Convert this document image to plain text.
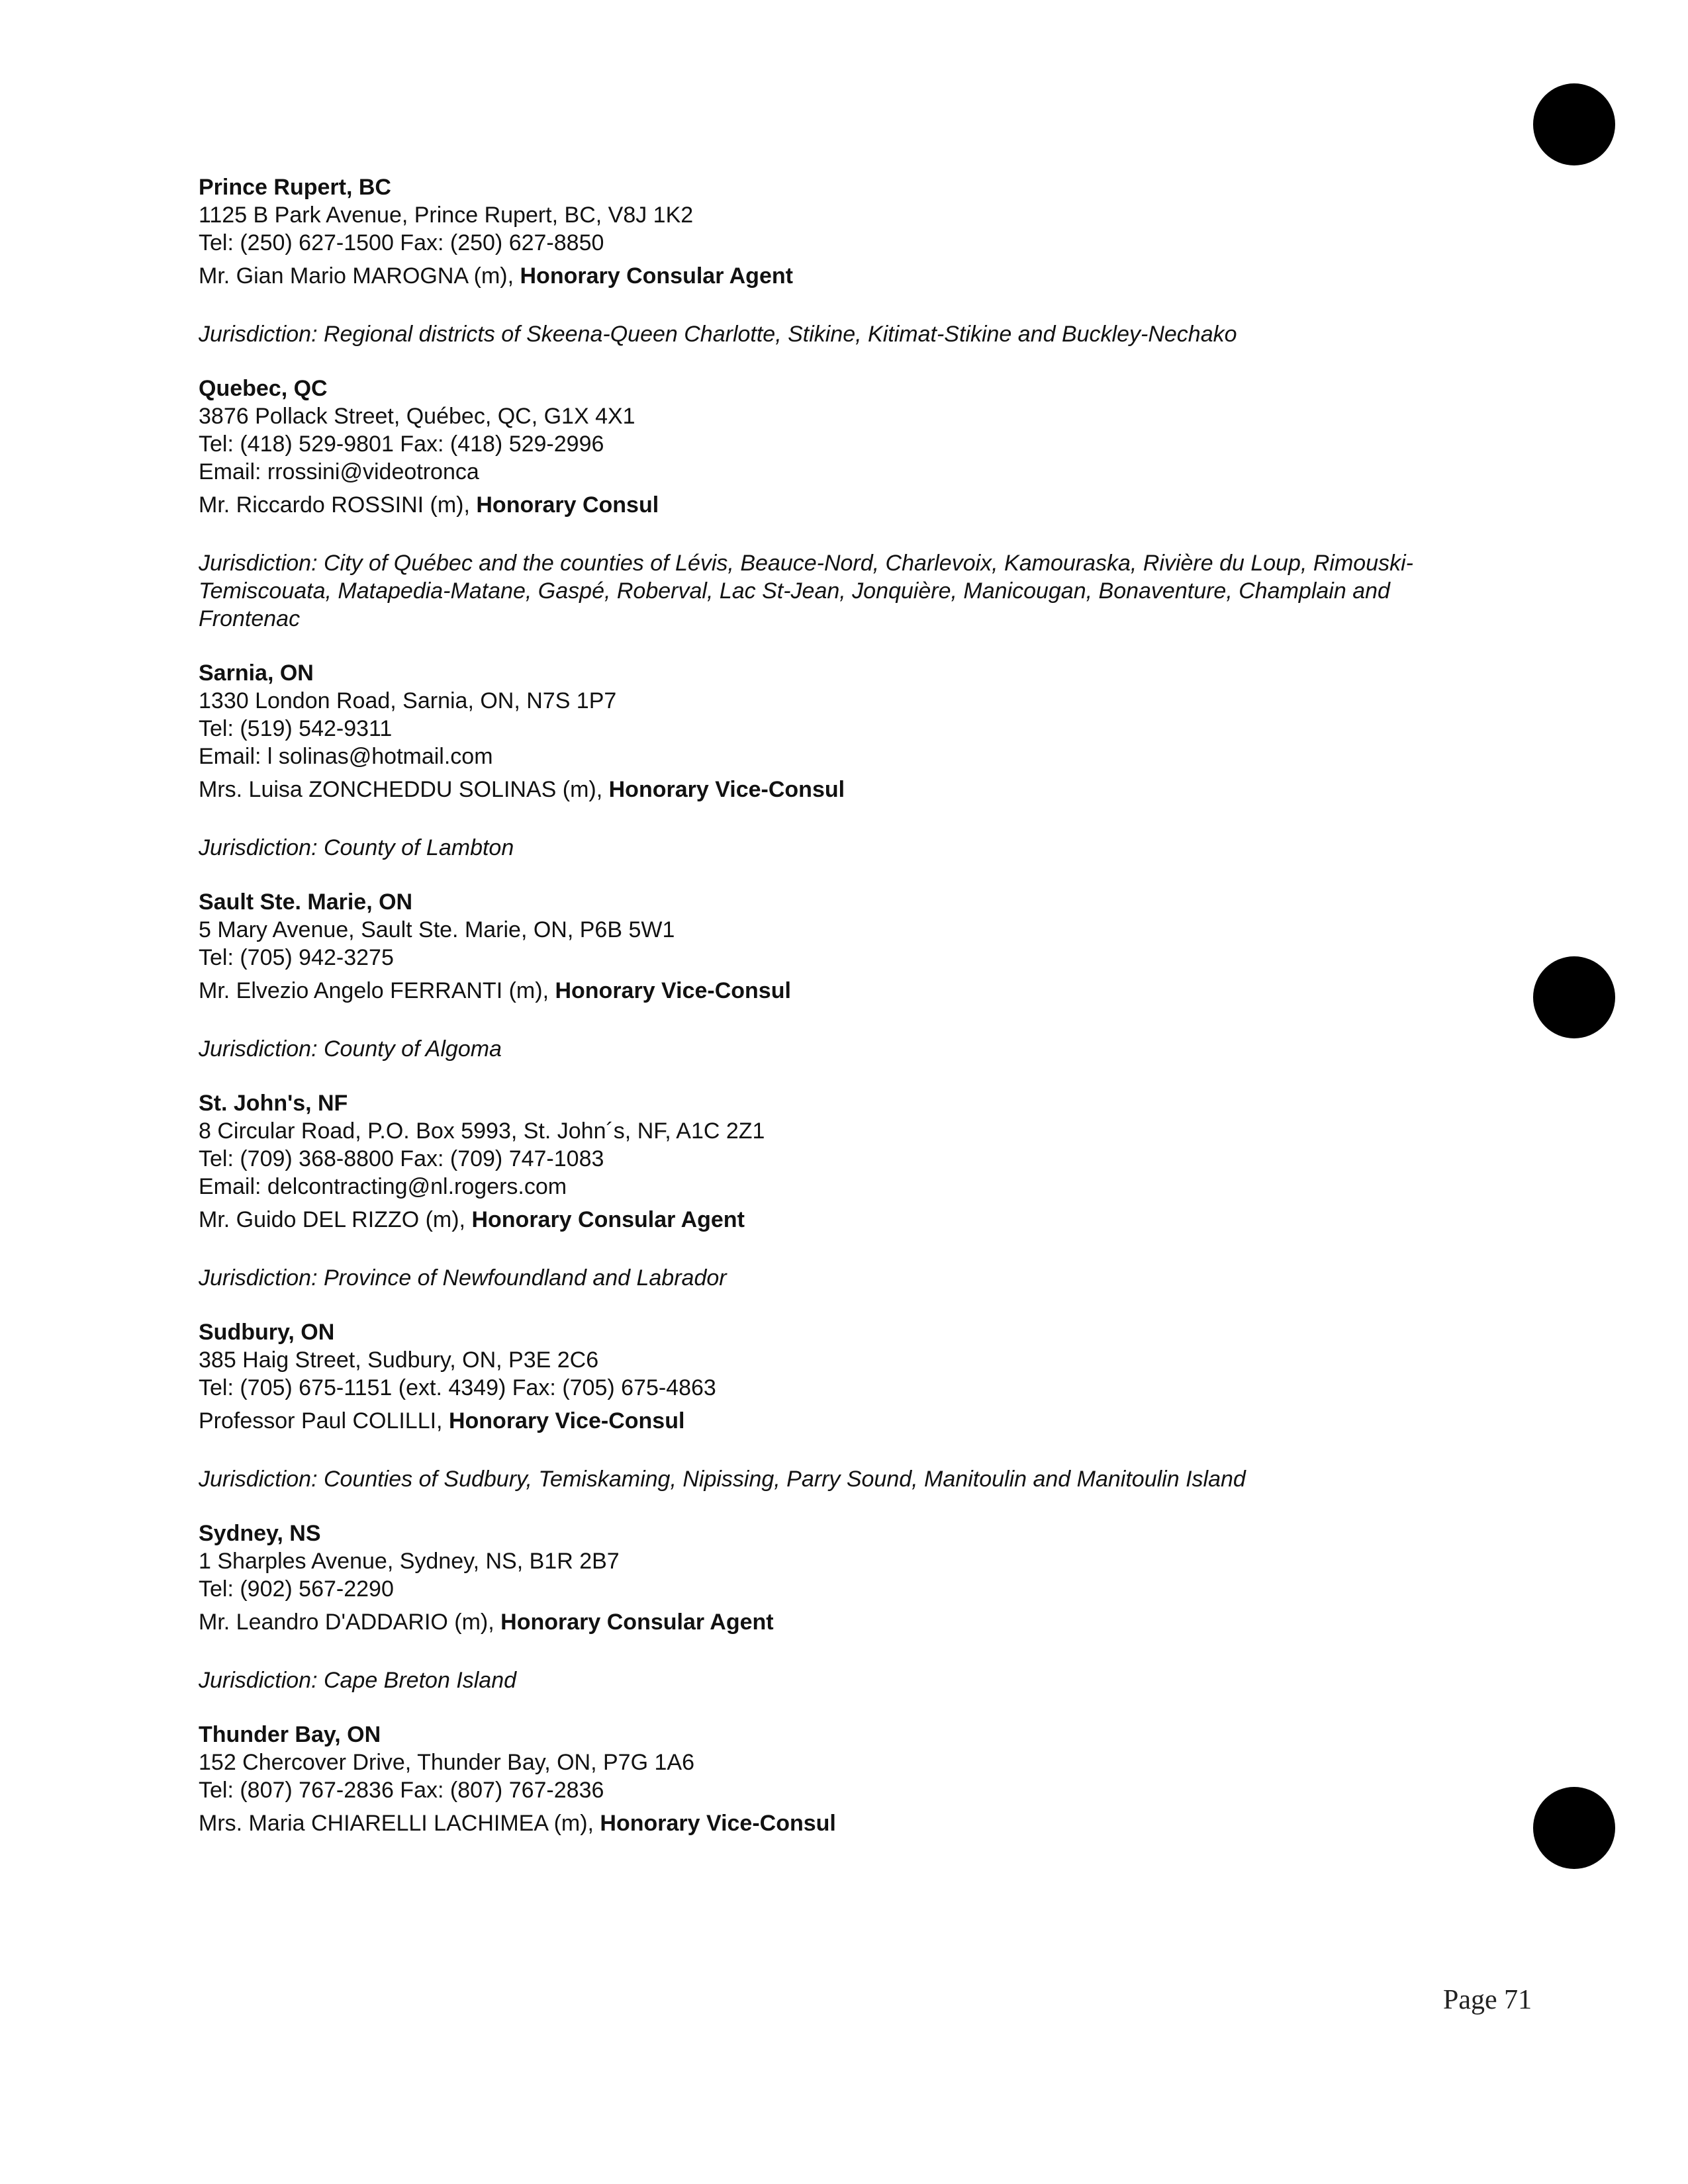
Prince Rupert, BC

1125 B Park Avenue, Prince Rupert, BC, V8J 1K2

Tel: (250) 627-1500 Fax: (250) 627-8850

Mr. Gian Mario MAROGNA (m), Honorary Consular Agent

Jurisdiction: Regional districts of Skeena-Queen Charlotte, Stikine, Kitimat-Stikine and Buckley-Nechako

Quebec, QC

3876 Pollack Street, Québec, QC, G1X 4X1

Tel: (418) 529-9801 Fax: (418) 529-2996

Email: rrossini@videotronca

Mr. Riccardo ROSSINI (m), Honorary Consul

Jurisdiction: City of Québec and the counties of Lévis, Beauce-Nord, Charlevoix, Kamouraska, Rivière du Loup, Rimouski-Temiscouata, Matapedia-Matane, Gaspé, Roberval, Lac St-Jean, Jonquière, Manicougan, Bonaventure, Champlain and Frontenac

Sarnia, ON

1330 London Road, Sarnia, ON, N7S 1P7

Tel: (519) 542-9311

Email: l solinas@hotmail.com

Mrs. Luisa ZONCHEDDU SOLINAS (m), Honorary Vice-Consul

Jurisdiction: County of Lambton

Sault Ste. Marie, ON

5 Mary Avenue, Sault Ste. Marie, ON, P6B 5W1

Tel: (705) 942-3275

Mr. Elvezio Angelo FERRANTI (m), Honorary Vice-Consul

Jurisdiction: County of Algoma

St. John's, NF

8 Circular Road, P.O. Box 5993, St. John´s, NF, A1C 2Z1

Tel: (709) 368-8800 Fax: (709) 747-1083

Email: delcontracting@nl.rogers.com

Mr. Guido DEL RIZZO (m), Honorary Consular Agent

Jurisdiction: Province of Newfoundland and Labrador

Sudbury, ON

385 Haig Street, Sudbury, ON, P3E 2C6

Tel: (705) 675-1151 (ext. 4349) Fax: (705) 675-4863

Professor Paul COLILLI, Honorary Vice-Consul

Jurisdiction: Counties of Sudbury, Temiskaming, Nipissing, Parry Sound, Manitoulin and Manitoulin Island

Sydney, NS

1 Sharples Avenue, Sydney, NS, B1R 2B7

Tel: (902) 567-2290

Mr. Leandro D'ADDARIO (m), Honorary Consular Agent

Jurisdiction: Cape Breton Island

Thunder Bay, ON

152 Chercover Drive, Thunder Bay, ON, P7G 1A6

Tel: (807) 767-2836 Fax: (807) 767-2836

Mrs. Maria CHIARELLI LACHIMEA (m), Honorary Vice-Consul

Page 71
